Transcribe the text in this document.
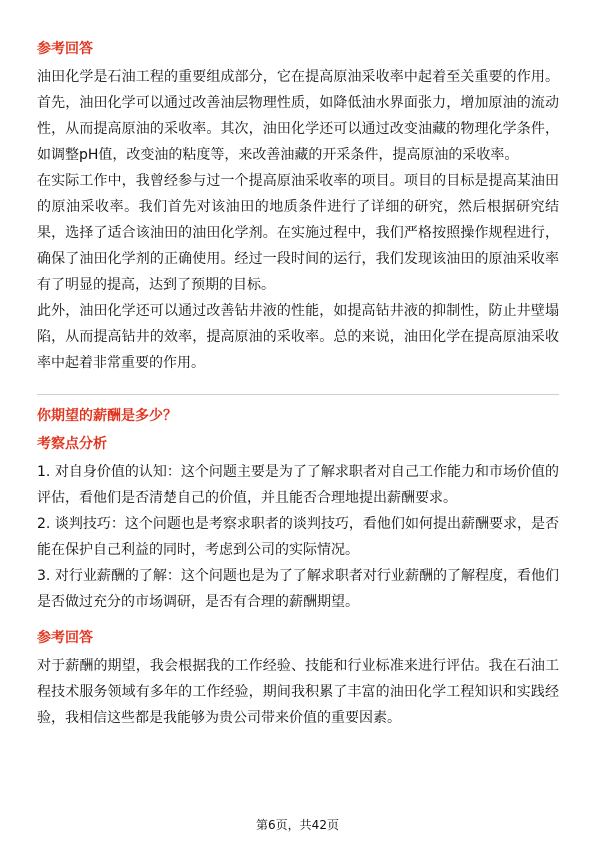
参考回答

油田化学是石油工程的重要组成部分，它在提高原油采收率中起着至关重要的作用。首先，油田化学可以通过改善油层物理性质，如降低油水界面张力，增加原油的流动性，从而提高原油的采收率。其次，油田化学还可以通过改变油藏的物理化学条件，如调整pH值，改变油的粘度等，来改善油藏的开采条件，提高原油的采收率。

在实际工作中，我曾经参与过一个提高原油采收率的项目。项目的目标是提高某油田的原油采收率。我们首先对该油田的地质条件进行了详细的研究，然后根据研究结果，选择了适合该油田的油田化学剂。在实施过程中，我们严格按照操作规程进行，确保了油田化学剂的正确使用。经过一段时间的运行，我们发现该油田的原油采收率有了明显的提高，达到了预期的目标。

此外，油田化学还可以通过改善钻井液的性能，如提高钻井液的抑制性，防止井壁塌陷，从而提高钻井的效率，提高原油的采收率。总的来说，油田化学在提高原油采收率中起着非常重要的作用。

你期望的薪酬是多少？
考察点分析

1. 对自身价值的认知：这个问题主要是为了了解求职者对自己工作能力和市场价值的评估，看他们是否清楚自己的价值，并且能否合理地提出薪酬要求。

2. 谈判技巧：这个问题也是考察求职者的谈判技巧，看他们如何提出薪酬要求，是否能在保护自己利益的同时，考虑到公司的实际情况。

3. 对行业薪酬的了解：这个问题也是为了了解求职者对行业薪酬的了解程度，看他们是否做过充分的市场调研，是否有合理的薪酬期望。

参考回答

对于薪酬的期望，我会根据我的工作经验、技能和行业标准来进行评估。我在石油工程技术服务领域有多年的工作经验，期间我积累了丰富的油田化学工程知识和实践经验，我相信这些都是我能够为贵公司带来价值的重要因素。

第6页，共42页
